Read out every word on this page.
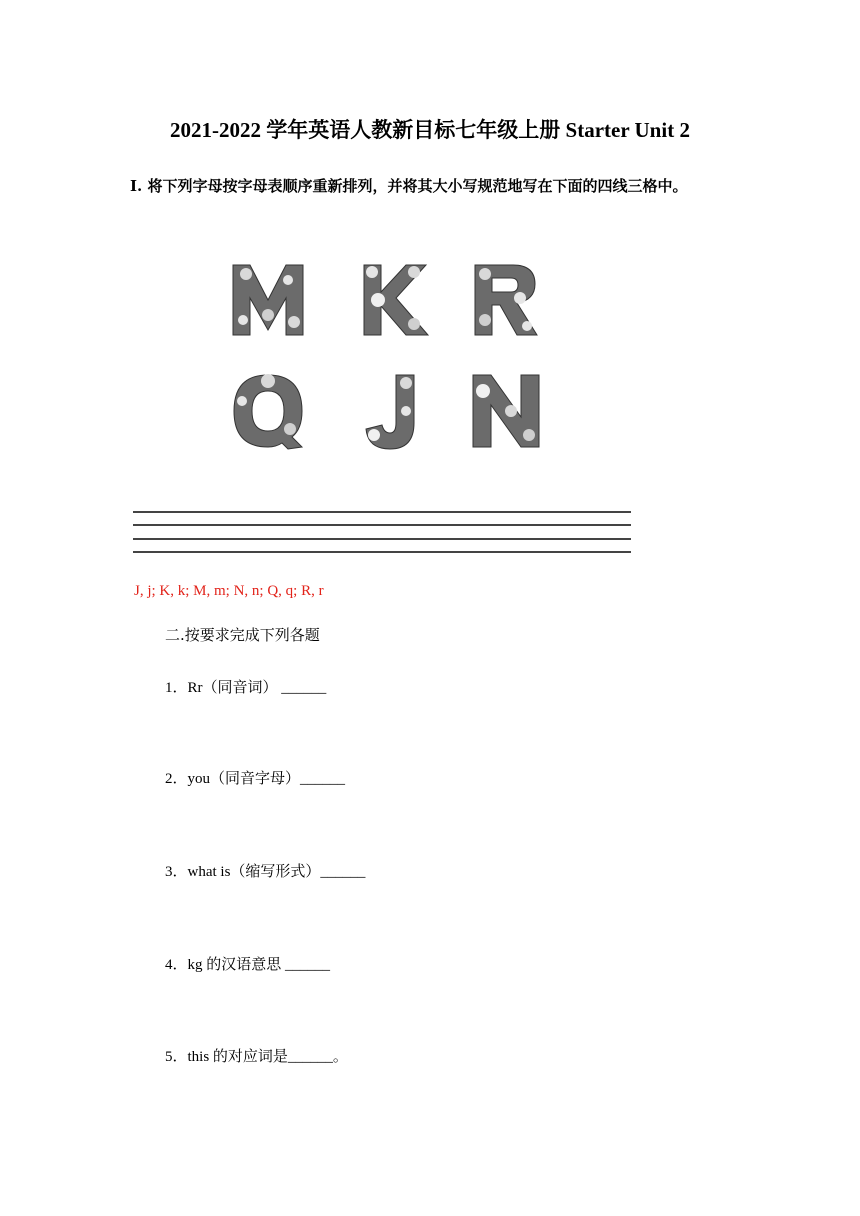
2021-2022 学年英语人教新目标七年级上册 Starter Unit 2
I. 将下列字母按字母表顺序重新排列，并将其大小写规范地写在下面的四线三格中。
J, j; K, k; M, m; N, n; Q, q; R, r
二.按要求完成下列各题
1．Rr（同音词） ______
2．you（同音字母）______
3．what is（缩写形式）______
4．kg 的汉语意思 ______
5．this 的对应词是______。
